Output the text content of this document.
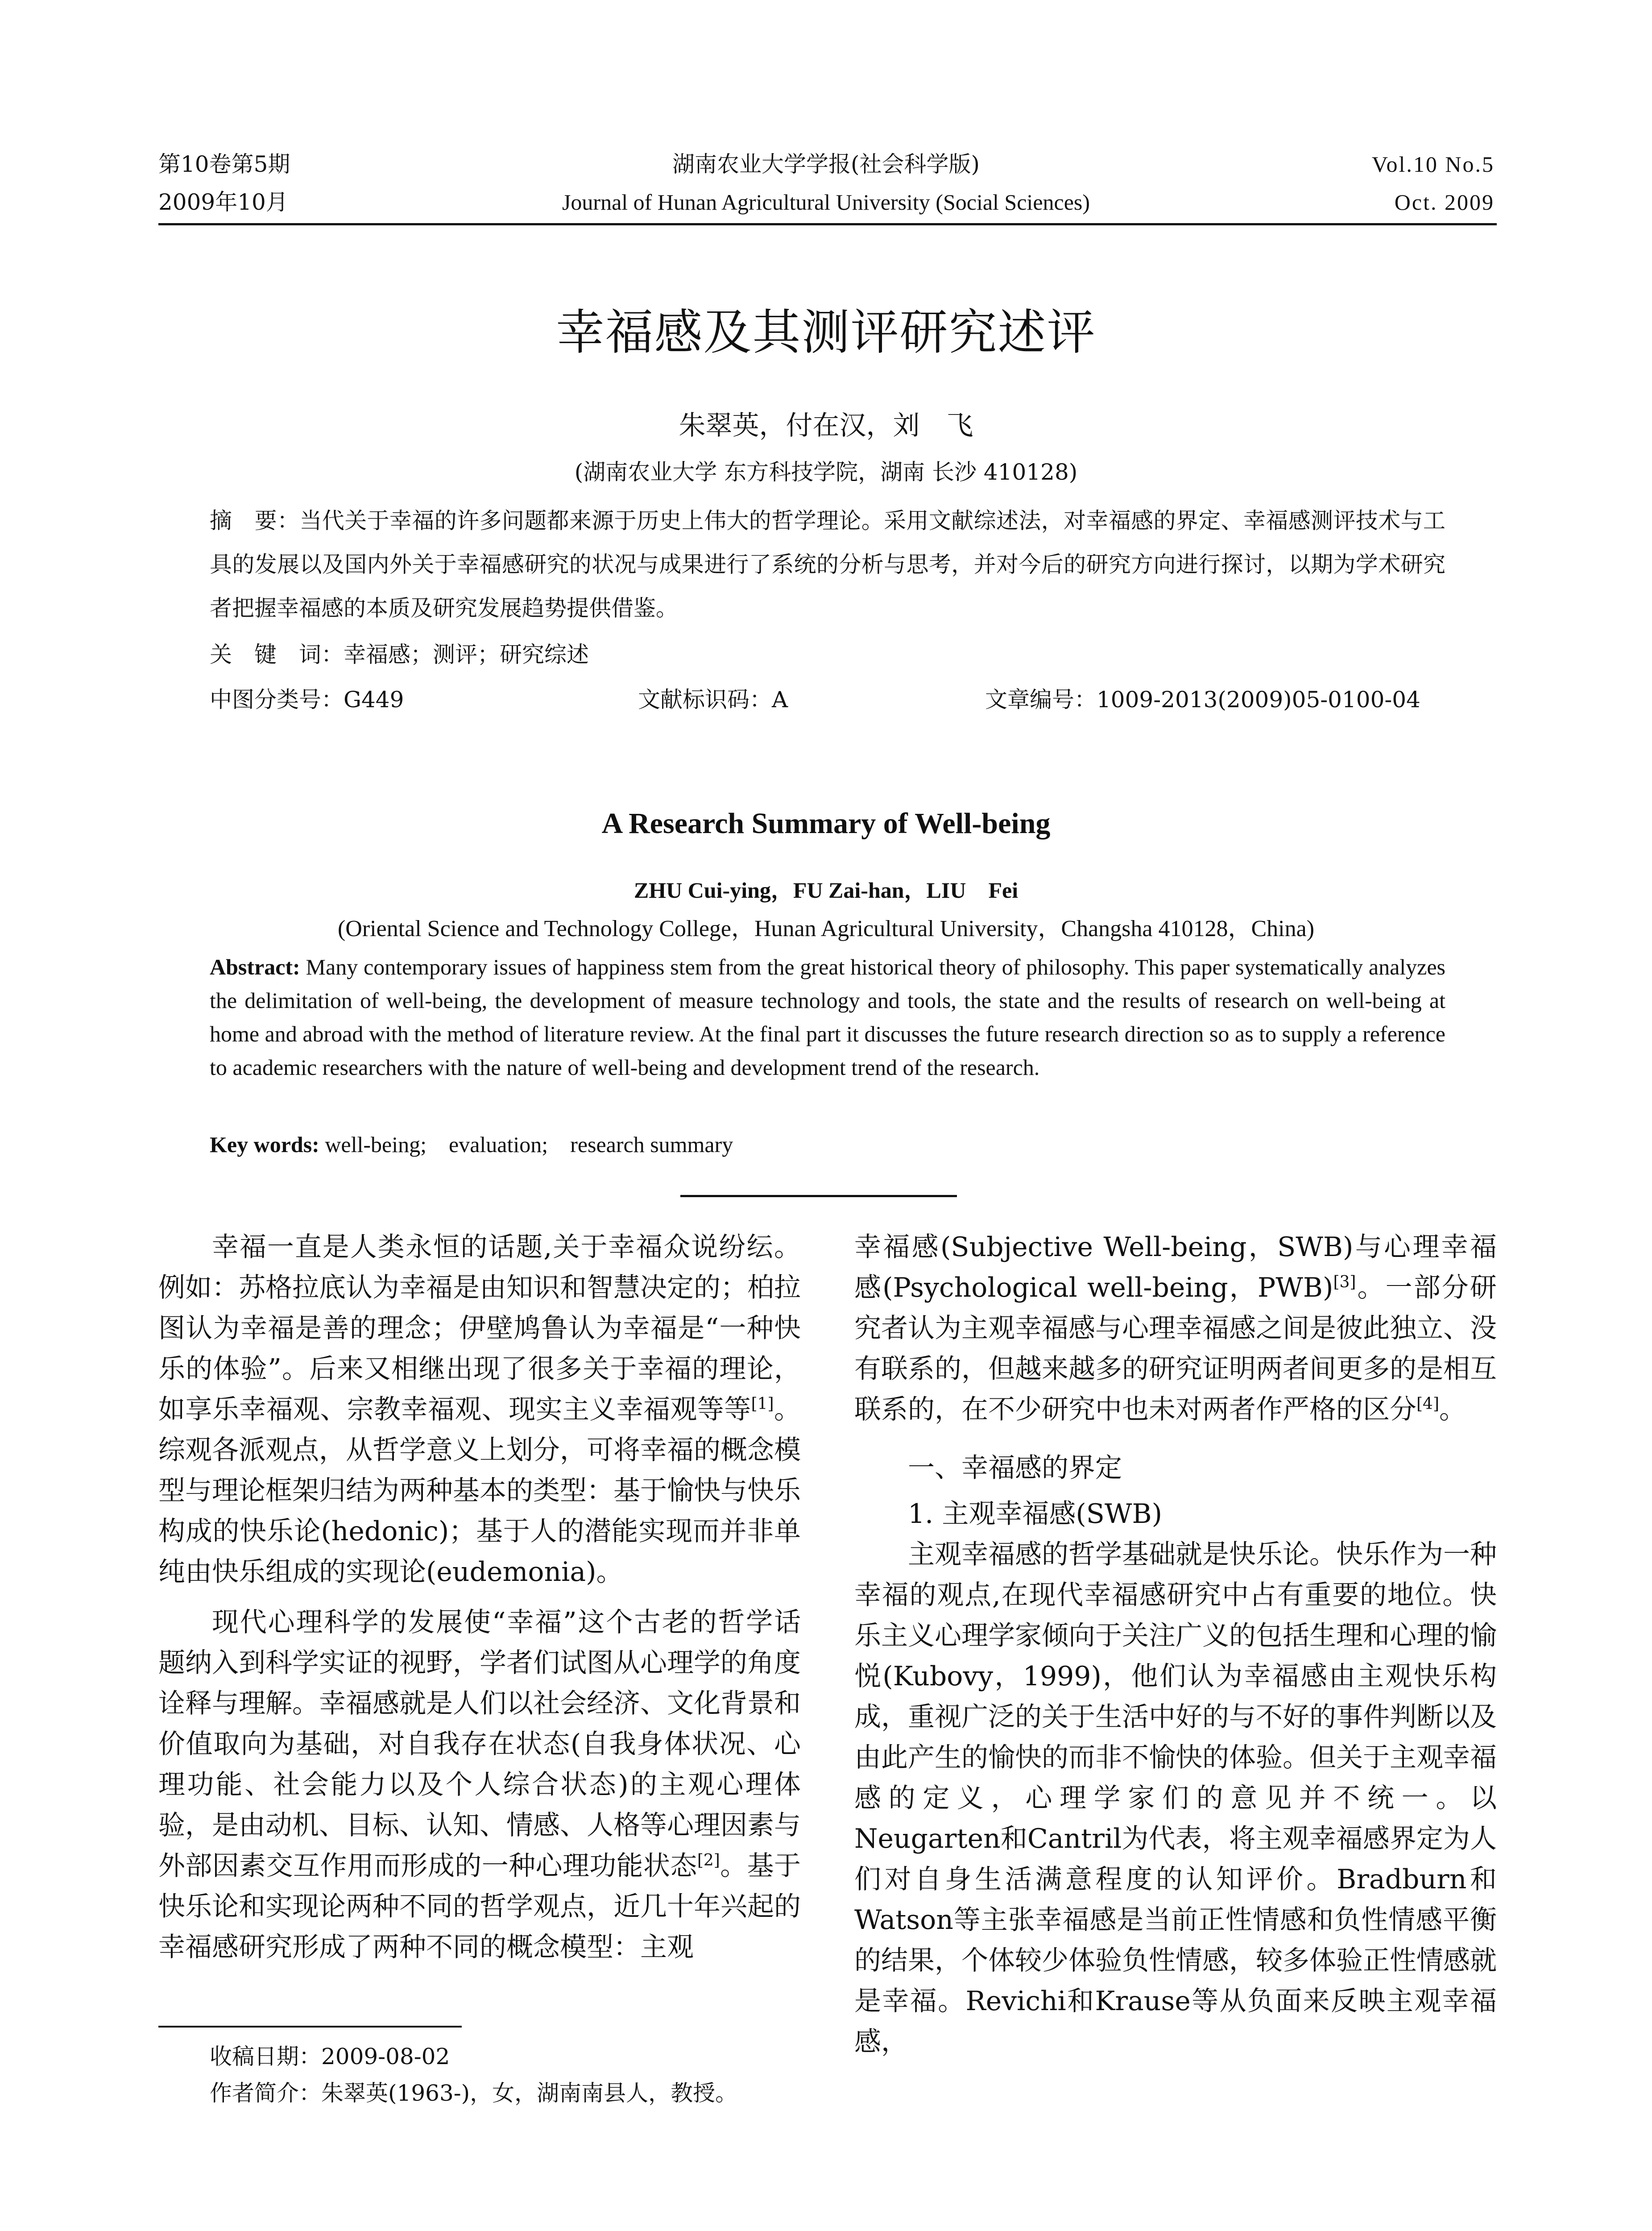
第10卷第5期
2009年10月
湖南农业大学学报(社会科学版)
Journal of Hunan Agricultural University (Social Sciences)
Vol.10 No.5
Oct. 2009
幸福感及其测评研究述评
朱翠英，付在汉，刘　飞
(湖南农业大学 东方科技学院，湖南 长沙 410128)
摘　要：当代关于幸福的许多问题都来源于历史上伟大的哲学理论。采用文献综述法，对幸福感的界定、幸福感测评技术与工具的发展以及国内外关于幸福感研究的状况与成果进行了系统的分析与思考，并对今后的研究方向进行探讨，以期为学术研究者把握幸福感的本质及研究发展趋势提供借鉴。
关　键　词：幸福感；测评；研究综述
中图分类号：G449	文献标识码：A	文章编号：1009-2013(2009)05-0100-04
A Research Summary of Well-being
ZHU Cui-ying，FU Zai-han，LIU　Fei
(Oriental Science and Technology College，Hunan Agricultural University，Changsha 410128，China)
Abstract: Many contemporary issues of happiness stem from the great historical theory of philosophy. This paper systematically analyzes the delimitation of well-being, the development of measure technology and tools, the state and the results of research on well-being at home and abroad with the method of literature review. At the final part it discusses the future research direction so as to supply a reference to academic researchers with the nature of well-being and development trend of the research.
Key words: well-being;　evaluation;　research summary

幸福一直是人类永恒的话题,关于幸福众说纷纭。例如：苏格拉底认为幸福是由知识和智慧决定的；柏拉图认为幸福是善的理念；伊壁鸠鲁认为幸福是“一种快乐的体验”。后来又相继出现了很多关于幸福的理论，如享乐幸福观、宗教幸福观、现实主义幸福观等等[1]。综观各派观点，从哲学意义上划分，可将幸福的概念模型与理论框架归结为两种基本的类型：基于愉快与快乐构成的快乐论(hedonic)；基于人的潜能实现而并非单纯由快乐组成的实现论(eudemonia)。

现代心理科学的发展使“幸福”这个古老的哲学话题纳入到科学实证的视野，学者们试图从心理学的角度诠释与理解。幸福感就是人们以社会经济、文化背景和价值取向为基础，对自我存在状态(自我身体状况、心理功能、社会能力以及个人综合状态)的主观心理体验，是由动机、目标、认知、情感、人格等心理因素与外部因素交互作用而形成的一种心理功能状态[2]。基于快乐论和实现论两种不同的哲学观点，近几十年兴起的幸福感研究形成了两种不同的概念模型：主观

收稿日期：2009-08-02
作者简介：朱翠英(1963-)，女，湖南南县人，教授。

幸福感(Subjective Well-being，SWB)与心理幸福感(Psychological well-being，PWB)[3]。一部分研究者认为主观幸福感与心理幸福感之间是彼此独立、没有联系的，但越来越多的研究证明两者间更多的是相互联系的，在不少研究中也未对两者作严格的区分[4]。

一、幸福感的界定

1. 主观幸福感(SWB)

主观幸福感的哲学基础就是快乐论。快乐作为一种幸福的观点,在现代幸福感研究中占有重要的地位。快乐主义心理学家倾向于关注广义的包括生理和心理的愉悦(Kubovy，1999)，他们认为幸福感由主观快乐构成，重视广泛的关于生活中好的与不好的事件判断以及由此产生的愉快的而非不愉快的体验。但关于主观幸福感的定义，心理学家们的意见并不统一。以Neugarten和Cantril为代表，将主观幸福感界定为人们对自身生活满意程度的认知评价。Bradburn和Watson等主张幸福感是当前正性情感和负性情感平衡的结果，个体较少体验负性情感，较多体验正性情感就是幸福。Revichi和Krause等从负面来反映主观幸福感，
